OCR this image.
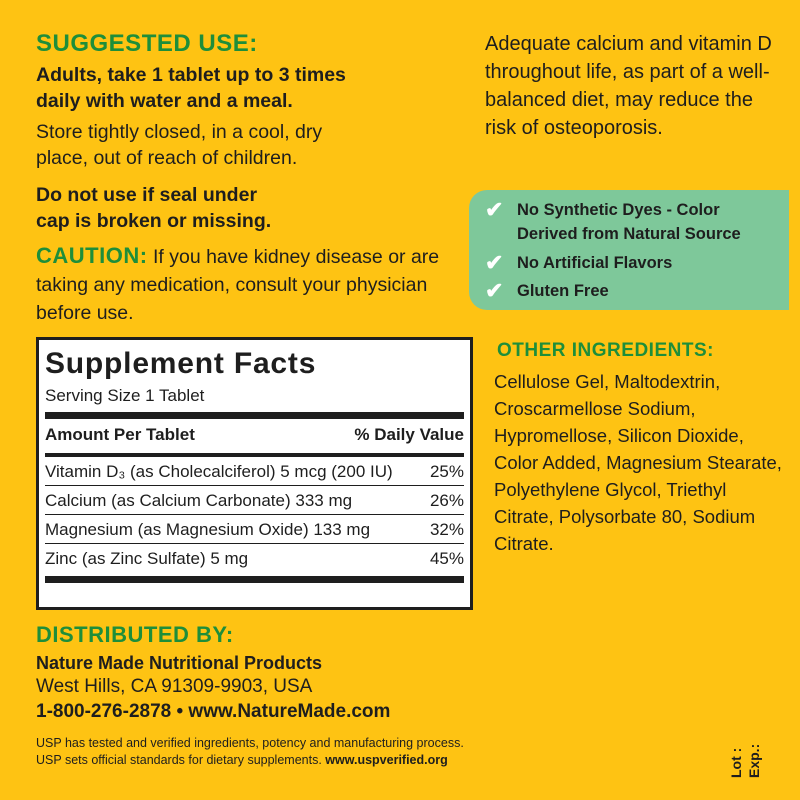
SUGGESTED USE:
Adults, take 1 tablet up to 3 times daily with water and a meal.
Store tightly closed, in a cool, dry place, out of reach of children.
Do not use if seal under cap is broken or missing.
CAUTION: If you have kidney disease or are taking any medication, consult your physician before use.
Supplement Facts
Serving Size 1 Tablet
Amount Per Tablet	% Daily Value
Vitamin D₃ (as Cholecalciferol) 5 mcg (200 IU) 25%
Calcium (as Calcium Carbonate) 333 mg	26%
Magnesium (as Magnesium Oxide) 133 mg	32%
Zinc (as Zinc Sulfate) 5 mg	45%
DISTRIBUTED BY:
Nature Made Nutritional Products
West Hills, CA 91309-9903, USA
1-800-276-2878 • www.NatureMade.com
USP has tested and verified ingredients, potency and manufacturing process.
USP sets official standards for dietary supplements. www.uspverified.org
Adequate calcium and vitamin D throughout life, as part of a well-balanced diet, may reduce the risk of osteoporosis.
✔ No Synthetic Dyes - Color
Derived from Natural Source
✔ No Artificial Flavors
✔ Gluten Free
OTHER INGREDIENTS:
Cellulose Gel, Maltodextrin, Croscarmellose Sodium, Hypromellose, Silicon Dioxide, Color Added, Magnesium Stearate, Polyethylene Glycol, Triethyl Citrate, Polysorbate 80, Sodium Citrate.
Lot : Exp.:
